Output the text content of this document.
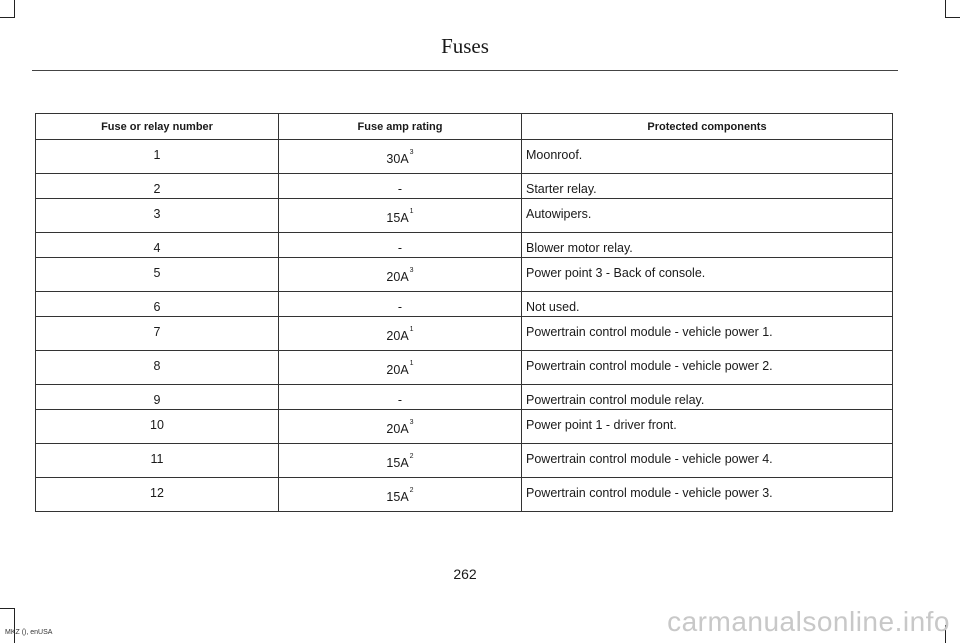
Fuses
Fuse or relay number	Fuse amp rating	Protected components

1	$30A^3$	Moonroof.

2	-	Starter relay.

3	$15A^1$	Autowipers.

4	-	Blower motor relay.

5	$20A^3$	Power point 3 - Back of console.

6	-	Not used.

7	$20A^1$	Powertrain control module - vehicle power 1.

8	$20A^1$	Powertrain control module - vehicle power 2.

9	-	Powertrain control module relay.

10	$20A^3$	Power point 1 - driver front.

11	$15A^2$	Powertrain control module - vehicle power 4.

12	$15A^2$	Powertrain control module - vehicle power 3.
262
MKZ (), enUSA	carmanualsonline.info
